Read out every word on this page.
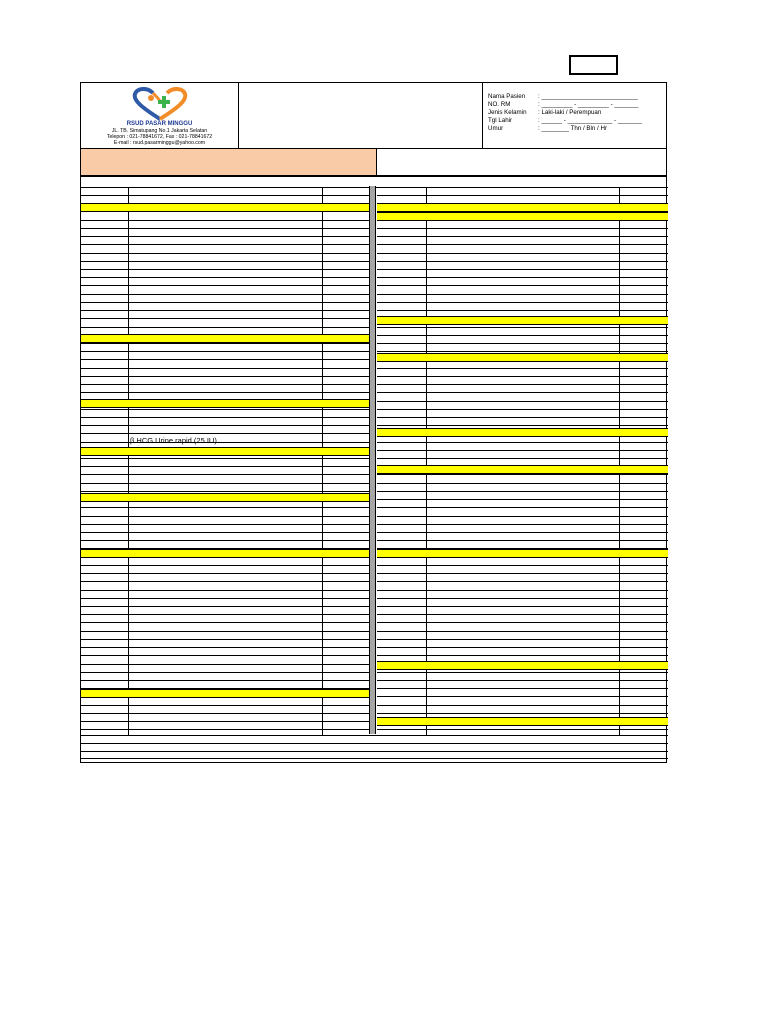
RSUD PASAR MINGGU
JL. TB. Simatupang No.1 Jakarta Selatan
Telepon : 021-78841672, Fax : 021-78841672
E-mail : rsud.pasarminggu@yahoo.com
Nama Pasien : ____________________________
NO. RM	: _________ - _________ - _______
Jenis Kelamin : Laki-laki / Perempuan
Tgl Lahir	: ______ - _____________ - _______
Umur	: ________ Thn / Bln / Hr
β HCG Urine rapid (25 IU)
